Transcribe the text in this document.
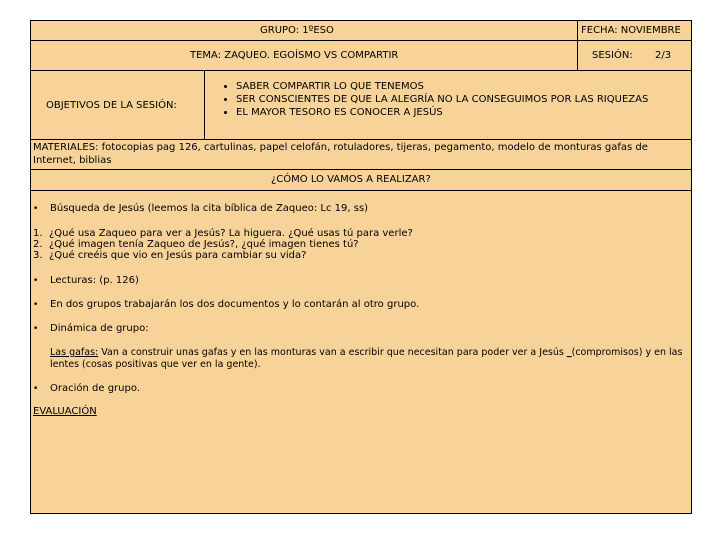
GRUPO: 1ºESO	FECHA: NOVIEMBRE
TEMA: ZAQUEO. EGOÍSMO VS COMPARTIR	SESIÓN: 2/3
OBJETIVOS DE LA SESIÓN:
• SABER COMPARTIR LO QUE TENEMOS
• SER CONSCIENTES DE QUE LA ALEGRÍA NO LA CONSEGUIMOS POR LAS RIQUEZAS
• EL MAYOR TESORO ES CONOCER A JESÚS
MATERIALES: fotocopias pag 126, cartulinas, papel celofán, rotuladores, tijeras, pegamento, modelo de monturas gafas de
Internet, biblias
¿CÓMO LO VAMOS A REALIZAR?
• Búsqueda de Jesús (leemos la cita bíblica de Zaqueo: Lc 19, ss)
1. ¿Qué usa Zaqueo para ver a Jesús? La higuera. ¿Qué usas tú para verle?
2. ¿Qué imagen tenía Zaqueo de Jesús?, ¿qué imagen tienes tú?
3. ¿Qué creéis que vio en Jesús para cambiar su vida?
• Lecturas: (p. 126)
• En dos grupos trabajarán los dos documentos y lo contarán al otro grupo.
• Dinámica de grupo:
Las gafas: Van a construir unas gafas y en las monturas van a escribir que necesitan para poder ver a Jesús _(compromisos) y en las
lentes (cosas positivas que ver en la gente).
• Oración de grupo.
EVALUACIÓN
